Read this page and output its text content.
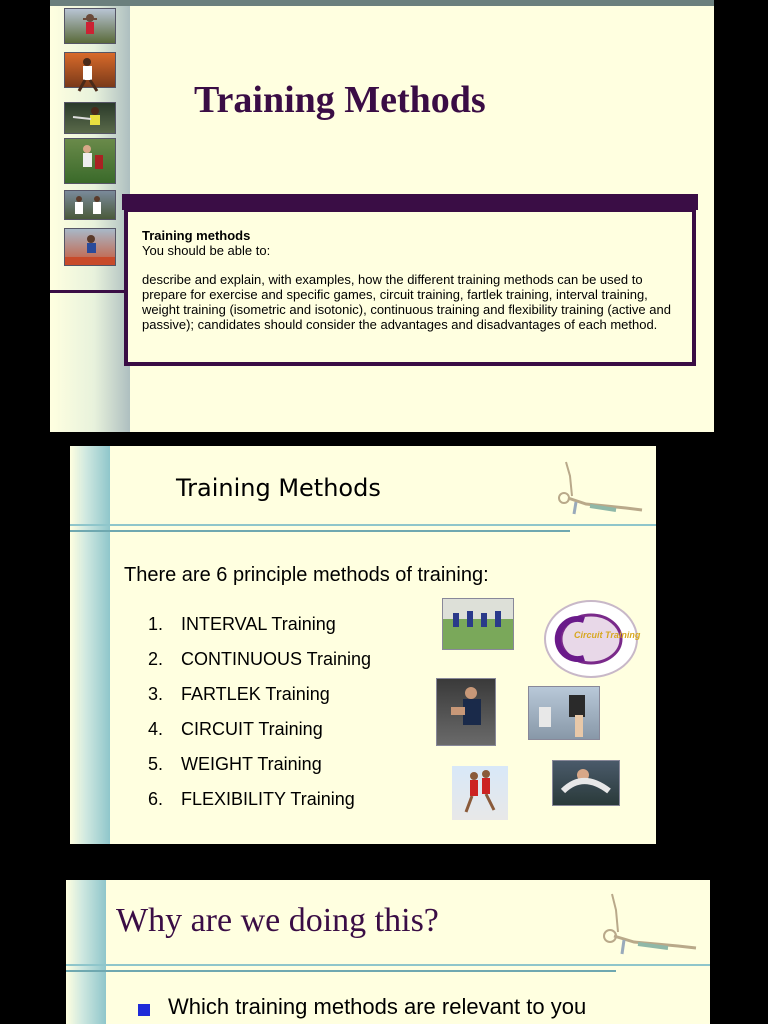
Training Methods

Training methods

You should be able to:

describe and explain, with examples, how the different training methods can be used to prepare for exercise and specific games, circuit training, fartlek training, interval training, weight training (isometric and isotonic), continuous training and flexibility training (active and passive); candidates should consider the advantages and disadvantages of each method.

Training Methods
There are 6 principle methods of training:
1. INTERVAL Training
2. CONTINUOUS Training
3. FARTLEK Training
4. CIRCUIT Training
5. WEIGHT Training
6. FLEXIBILITY Training
Circuit Training
Why are we doing this?
Which training methods are relevant to you
